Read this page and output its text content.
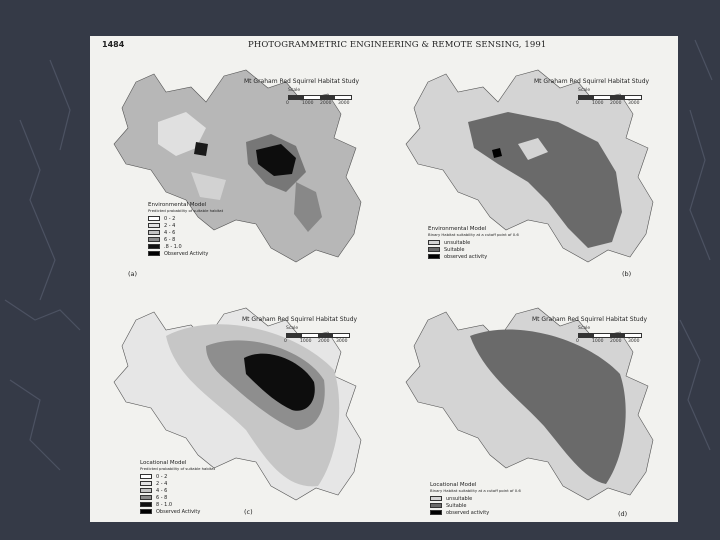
1484	PHOTOGRAMMETRIC ENGINEERING & REMOTE SENSING, 1991
Mt Graham Red Squirrel Habitat Study
Scale
0	1000 2000 3000
Environmental Model
Predicted probability of suitable habitat
0 - 2
2 - 4
4 - 6
6 - 8
.8 - 1.0
Observed Activity
(a)
Mt Graham Red Squirrel Habitat Study
Scale
0	1000 2000 3000
Environmental Model
Binary Habitat suitability at a cutoff point of 0.6
unsuitable
Suitable
observed activity
(b)
Mt Graham Red Squirrel Habitat Study
Scale
0	1000 2000 3000
Locational Model
Predicted probability of suitable habitat
0 - 2
2 - 4
4 - 6
6 - 8
8 - 1.0
Observed Activity	(c)
Mt Graham Red Squirrel Habitat Study
Scale
0	1000 2000 3000
Locational Model
Binary Habitat suitability at a cutoff point of 0.6
unsuitable
Suitable
observed activity	(d)
